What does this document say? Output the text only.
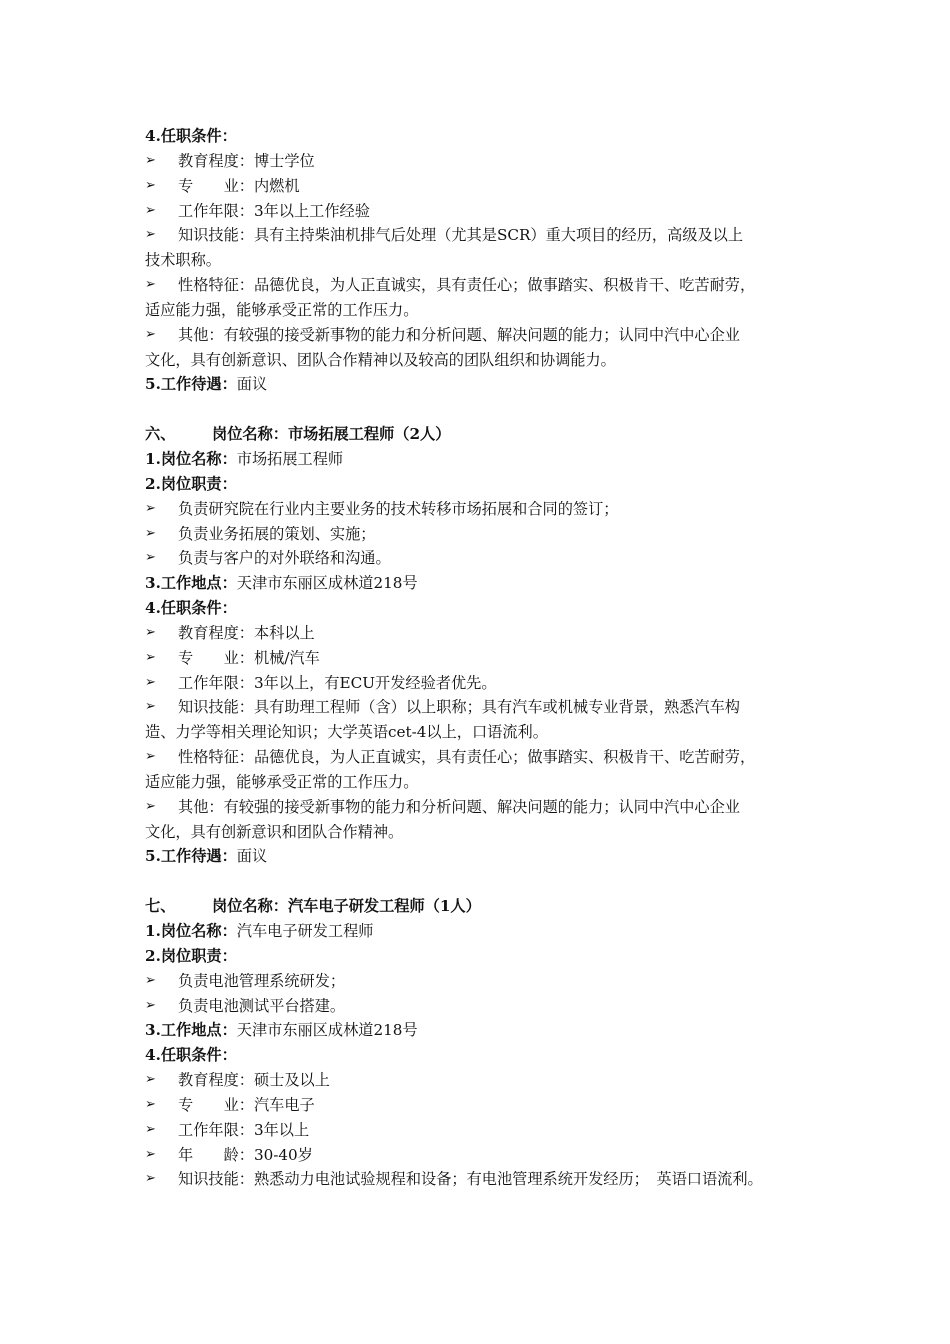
4.任职条件：
➢ 教育程度：博士学位
➢ 专　　业：内燃机
➢ 工作年限：3年以上工作经验
➢ 知识技能：具有主持柴油机排气后处理（尤其是SCR）重大项目的经历，高级及以上
技术职称。
➢ 性格特征：品德优良，为人正直诚实，具有责任心；做事踏实、积极肯干、吃苦耐劳，
适应能力强，能够承受正常的工作压力。
➢ 其他：有较强的接受新事物的能力和分析问题、解决问题的能力；认同中汽中心企业
文化，具有创新意识、团队合作精神以及较高的团队组织和协调能力。
5.工作待遇：面议
六、 岗位名称：市场拓展工程师（2人）
1.岗位名称：市场拓展工程师
2.岗位职责：
➢ 负责研究院在行业内主要业务的技术转移市场拓展和合同的签订；
➢ 负责业务拓展的策划、实施；
➢ 负责与客户的对外联络和沟通。
3.工作地点：天津市东丽区成林道218号
4.任职条件：
➢ 教育程度：本科以上
➢ 专　　业：机械/汽车
➢ 工作年限：3年以上，有ECU开发经验者优先。
➢ 知识技能：具有助理工程师（含）以上职称；具有汽车或机械专业背景，熟悉汽车构
造、力学等相关理论知识；大学英语cet-4以上，口语流利。
➢ 性格特征：品德优良，为人正直诚实，具有责任心；做事踏实、积极肯干、吃苦耐劳，
适应能力强，能够承受正常的工作压力。
➢ 其他：有较强的接受新事物的能力和分析问题、解决问题的能力；认同中汽中心企业
文化，具有创新意识和团队合作精神。
5.工作待遇：面议
七、 岗位名称：汽车电子研发工程师（1人）
1.岗位名称：汽车电子研发工程师
2.岗位职责：
➢ 负责电池管理系统研发；
➢ 负责电池测试平台搭建。
3.工作地点：天津市东丽区成林道218号
4.任职条件：
➢ 教育程度：硕士及以上
➢ 专　　业：汽车电子
➢ 工作年限：3年以上
➢ 年　　龄：30-40岁
➢ 知识技能：熟悉动力电池试验规程和设备；有电池管理系统开发经历；　英语口语流利。
